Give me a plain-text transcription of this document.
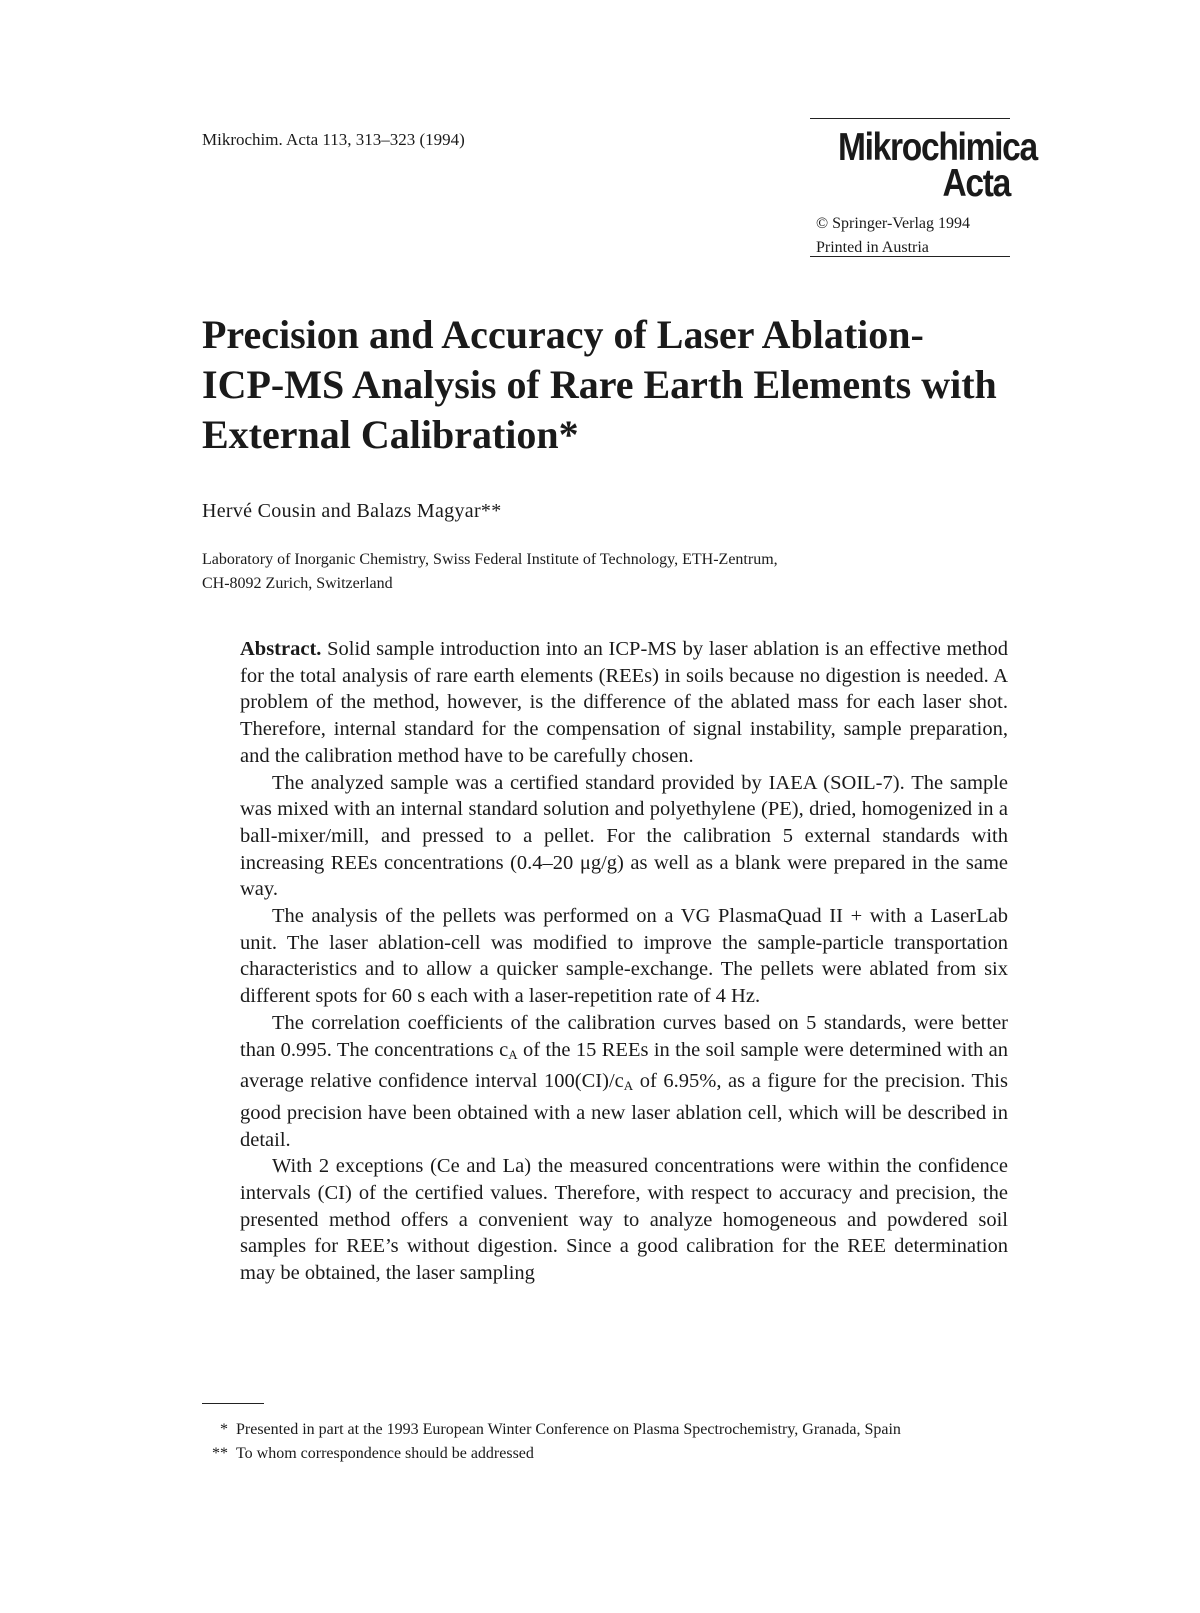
Mikrochim. Acta 113, 313–323 (1994)	Mikrochimica
Acta
© Springer-Verlag 1994
Printed in Austria
Precision and Accuracy of Laser Ablation-
ICP-MS Analysis of Rare Earth Elements with
External Calibration*
Hervé Cousin and Balazs Magyar**
Laboratory of Inorganic Chemistry, Swiss Federal Institute of Technology, ETH-Zentrum,
CH-8092 Zurich, Switzerland

Abstract. Solid sample introduction into an ICP-MS by laser ablation is an effective method for the total analysis of rare earth elements (REEs) in soils because no digestion is needed. A problem of the method, however, is the difference of the ablated mass for each laser shot. Therefore, internal standard for the compensation of signal instability, sample preparation, and the calibration method have to be carefully chosen.

The analyzed sample was a certified standard provided by IAEA (SOIL-7). The sample was mixed with an internal standard solution and polyethylene (PE), dried, homogenized in a ball-mixer/mill, and pressed to a pellet. For the calibration 5 external standards with increasing REEs concentrations (0.4–20 μg/g) as well as a blank were prepared in the same way.

The analysis of the pellets was performed on a VG PlasmaQuad II + with a LaserLab unit. The laser ablation-cell was modified to improve the sample-particle transportation characteristics and to allow a quicker sample-exchange. The pellets were ablated from six different spots for 60 s each with a laser-repetition rate of 4 Hz.

The correlation coefficients of the calibration curves based on 5 standards, were better than 0.995. The concentrations $c_A$ of the 15 REEs in the soil sample were determined with an average relative confidence interval $100(CI)/c_A$ of 6.95%, as a figure for the precision. This good precision have been obtained with a new laser ablation cell, which will be described in detail.

With 2 exceptions (Ce and La) the measured concentrations were within the confidence intervals (CI) of the certified values. Therefore, with respect to accuracy and precision, the presented method offers a convenient way to analyze homogeneous and powdered soil samples for REE’s without digestion. Since a good calibration for the REE determination may be obtained, the laser sampling

* Presented in part at the 1993 European Winter Conference on Plasma Spectrochemistry, Granada, Spain
** To whom correspondence should be addressed
